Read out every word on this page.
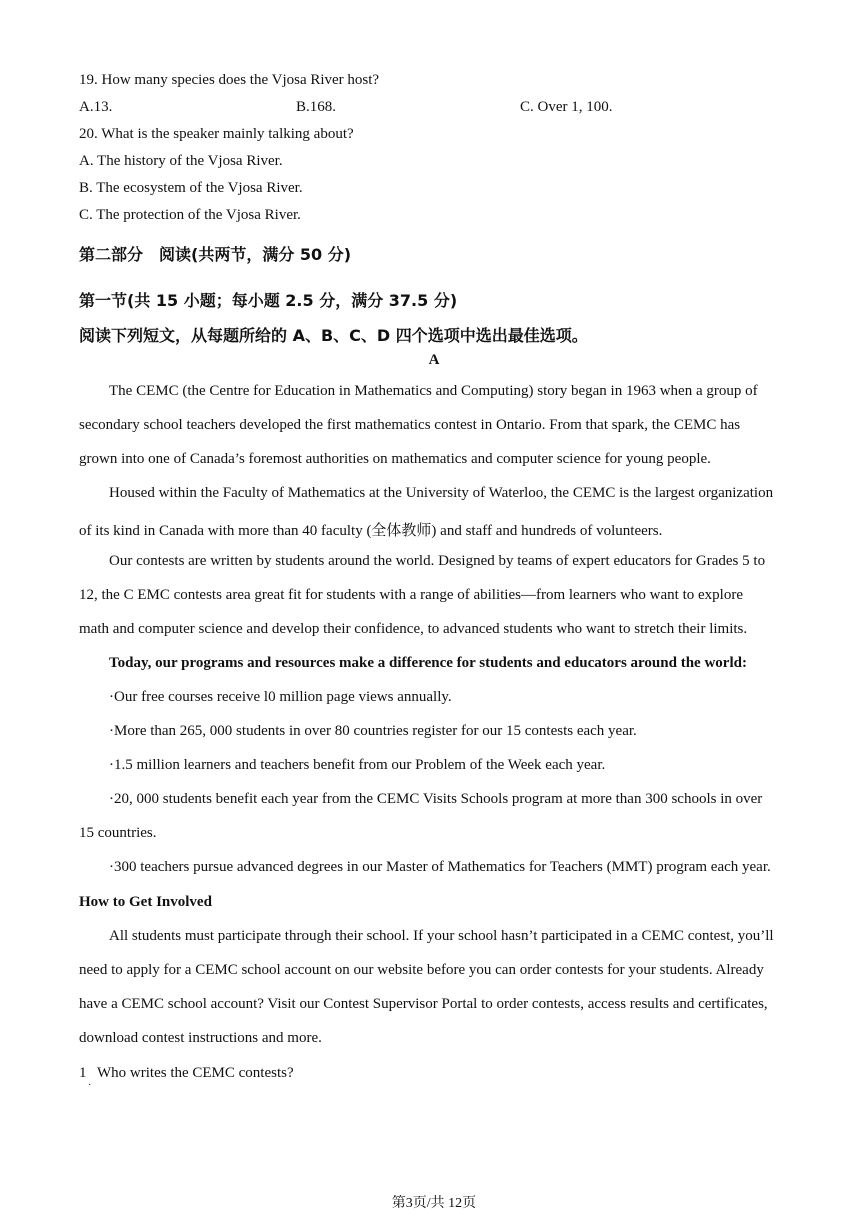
19. How many species does the Vjosa River host?
A.13.	B.168.	C. Over 1, 100.
20. What is the speaker mainly talking about?
A. The history of the Vjosa River.
B. The ecosystem of the Vjosa River.
C. The protection of the Vjosa River.
第二部分　阅读(共两节，满分 50 分)
第一节(共 15 小题；每小题 2.5 分，满分 37.5 分)
阅读下列短文，从每题所给的 A、B、C、D 四个选项中选出最佳选项。
A
The CEMC (the Centre for Education in Mathematics and Computing) story began in 1963 when a group of
secondary school teachers developed the first mathematics contest in Ontario. From that spark, the CEMC has
grown into one of Canada’s foremost authorities on mathematics and computer science for young people.
Housed within the Faculty of Mathematics at the University of Waterloo, the CEMC is the largest organization
of its kind in Canada with more than 40 faculty (全体教师) and staff and hundreds of volunteers.
Our contests are written by students around the world. Designed by teams of expert educators for Grades 5 to
12, the C EMC contests area great fit for students with a range of abilities—from learners who want to explore
math and computer science and develop their confidence, to advanced students who want to stretch their limits.
Today, our programs and resources make a difference for students and educators around the world:
·Our free courses receive l0 million page views annually.
·More than 265, 000 students in over 80 countries register for our 15 contests each year.
·1.5 million learners and teachers benefit from our Problem of the Week each year.
·20, 000 students benefit each year from the CEMC Visits Schools program at more than 300 schools in over
15 countries.
·300 teachers pursue advanced degrees in our Master of Mathematics for Teachers (MMT) program each year.
How to Get Involved
All students must participate through their school. If your school hasn’t participated in a CEMC contest, you’ll
need to apply for a CEMC school account on our website before you can order contests for your students. Already
have a CEMC school account? Visit our Contest Supervisor Portal to order contests, access results and certificates,
download contest instructions and more.
1 Who writes the CEMC contests?
·
第3页/共 12页
